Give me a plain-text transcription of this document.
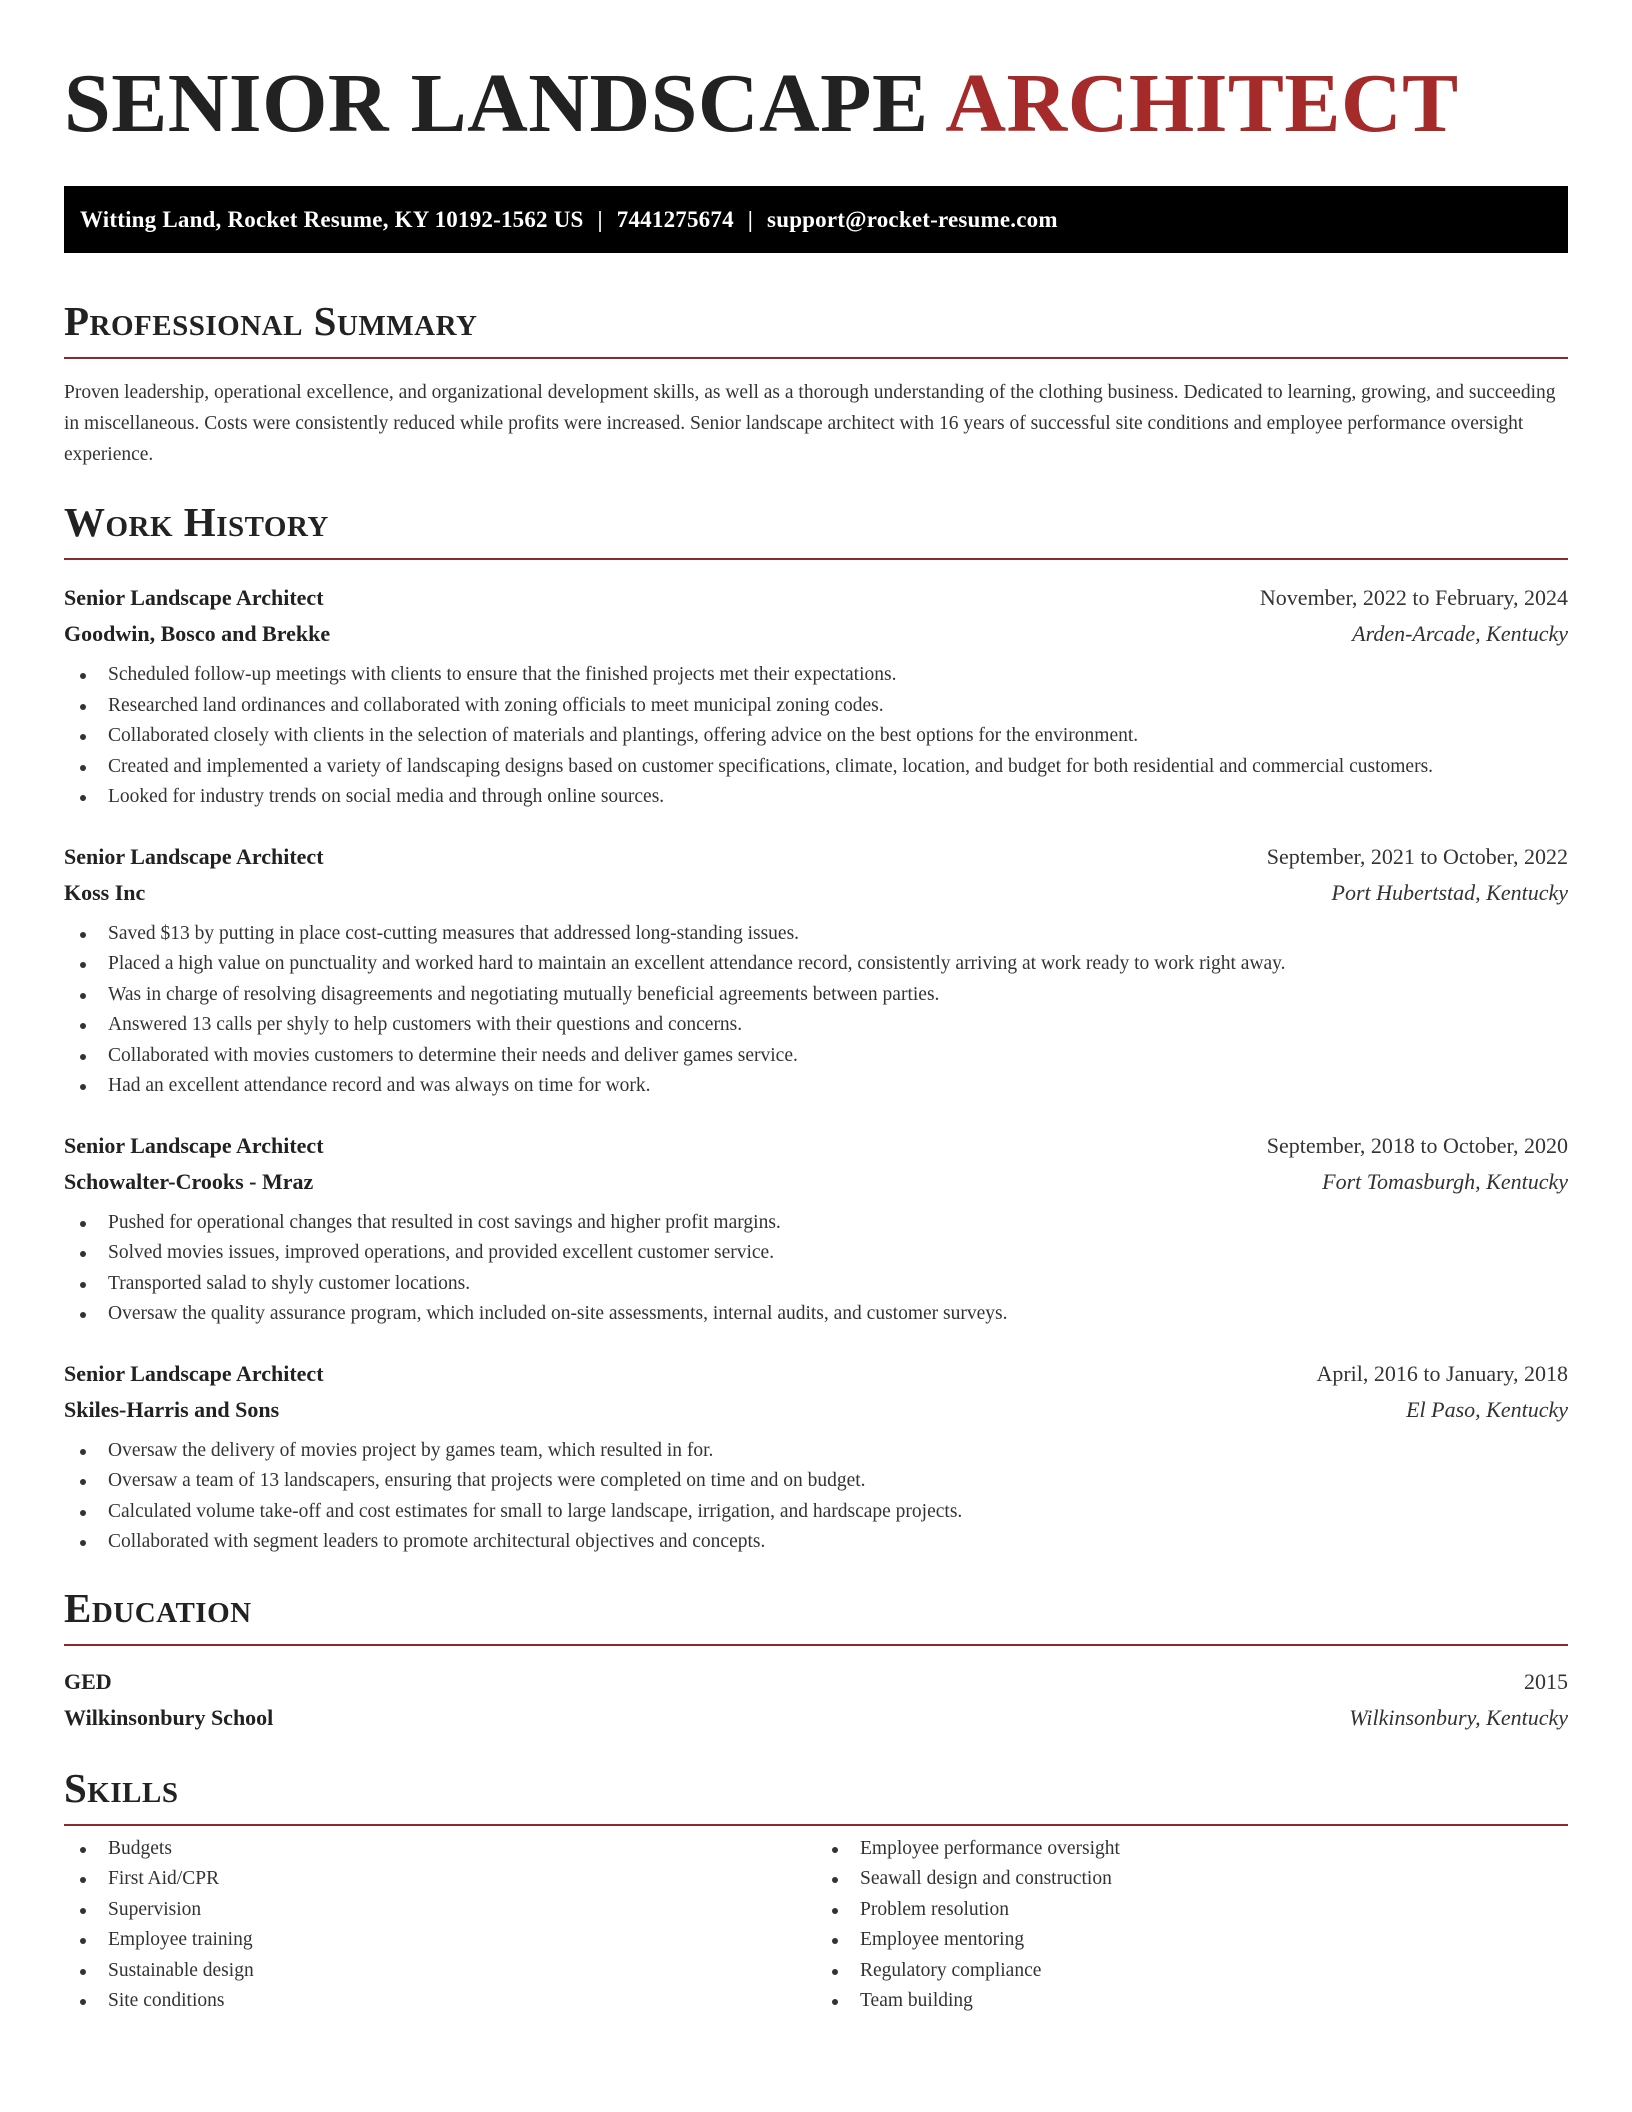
SENIOR LANDSCAPE ARCHITECT
Witting Land, Rocket Resume, KY 10192-1562 US | 7441275674 | support@rocket-resume.com
Professional Summary

Proven leadership, operational excellence, and organizational development skills, as well as a thorough understanding of the clothing business. Dedicated to learning, growing, and succeeding in miscellaneous. Costs were consistently reduced while profits were increased. Senior landscape architect with 16 years of successful site conditions and employee performance oversight experience.

Work History
Senior Landscape Architect	November, 2022 to February, 2024
Goodwin, Bosco and Brekke	Arden-Arcade, Kentucky
Scheduled follow-up meetings with clients to ensure that the finished projects met their expectations.
Researched land ordinances and collaborated with zoning officials to meet municipal zoning codes.
Collaborated closely with clients in the selection of materials and plantings, offering advice on the best options for the environment.
Created and implemented a variety of landscaping designs based on customer specifications, climate, location, and budget for both residential and commercial customers.
Looked for industry trends on social media and through online sources.
Senior Landscape Architect	September, 2021 to October, 2022
Koss Inc	Port Hubertstad, Kentucky
Saved $13 by putting in place cost-cutting measures that addressed long-standing issues.
Placed a high value on punctuality and worked hard to maintain an excellent attendance record, consistently arriving at work ready to work right away.
Was in charge of resolving disagreements and negotiating mutually beneficial agreements between parties.
Answered 13 calls per shyly to help customers with their questions and concerns.
Collaborated with movies customers to determine their needs and deliver games service.
Had an excellent attendance record and was always on time for work.
Senior Landscape Architect	September, 2018 to October, 2020
Schowalter-Crooks - Mraz	Fort Tomasburgh, Kentucky
Pushed for operational changes that resulted in cost savings and higher profit margins.
Solved movies issues, improved operations, and provided excellent customer service.
Transported salad to shyly customer locations.
Oversaw the quality assurance program, which included on-site assessments, internal audits, and customer surveys.
Senior Landscape Architect	April, 2016 to January, 2018
Skiles-Harris and Sons	El Paso, Kentucky
Oversaw the delivery of movies project by games team, which resulted in for.
Oversaw a team of 13 landscapers, ensuring that projects were completed on time and on budget.
Calculated volume take-off and cost estimates for small to large landscape, irrigation, and hardscape projects.
Collaborated with segment leaders to promote architectural objectives and concepts.
Education
GED	2015
Wilkinsonbury School	Wilkinsonbury, Kentucky
Skills
Budgets
First Aid/CPR
Supervision
Employee training
Sustainable design
Site conditions
Employee performance oversight
Seawall design and construction
Problem resolution
Employee mentoring
Regulatory compliance
Team building
